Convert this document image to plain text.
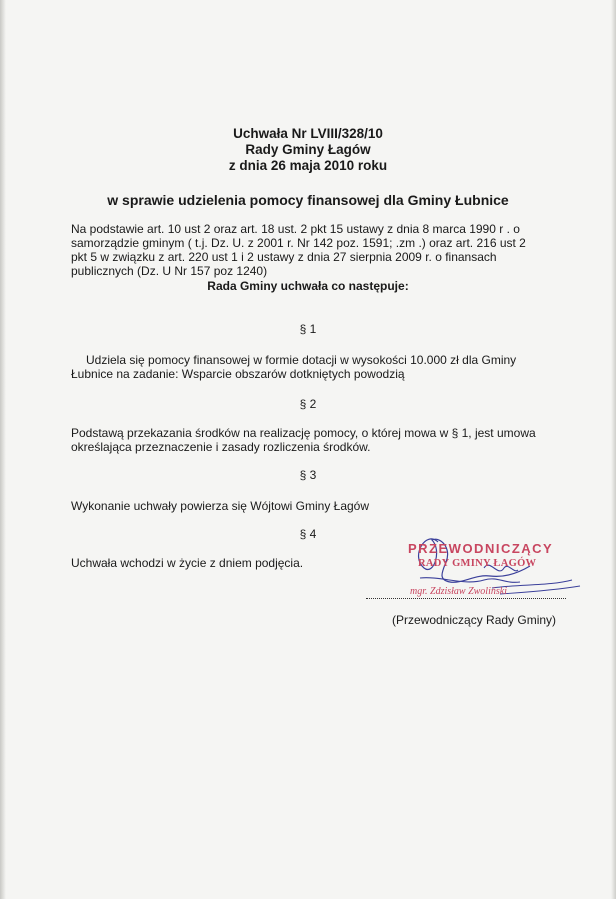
Uchwała Nr LVIII/328/10
Rady Gminy Łagów
z dnia 26 maja 2010 roku
w sprawie udzielenia pomocy finansowej dla Gminy Łubnice
Na podstawie art. 10 ust 2 oraz art. 18 ust. 2 pkt 15 ustawy z dnia 8 marca 1990 r . o
samorządzie gminym ( t.j. Dz. U. z 2001 r. Nr 142 poz. 1591; .zm .) oraz art. 216 ust 2
pkt 5 w związku z art. 220 ust 1 i 2 ustawy z dnia 27 sierpnia 2009 r. o finansach
publicznych (Dz. U Nr 157 poz 1240)
Rada Gminy uchwała co następuje:
§ 1
Udziela się pomocy finansowej w formie dotacji w wysokości 10.000 zł dla Gminy
Łubnice na zadanie: Wsparcie obszarów dotkniętych powodzią
§ 2
Podstawą przekazania środków na realizację pomocy, o której mowa w § 1, jest umowa
określająca przeznaczenie i zasady rozliczenia środków.
§ 3
Wykonanie uchwały powierza się Wójtowi Gminy Łagów
§ 4
Uchwała wchodzi w życie z dniem podjęcia.
PRZEWODNICZĄCY
RADY GMINY ŁAGÓW
mgr. Zdzisław Zwoliński
(Przewodniczący Rady Gminy)
